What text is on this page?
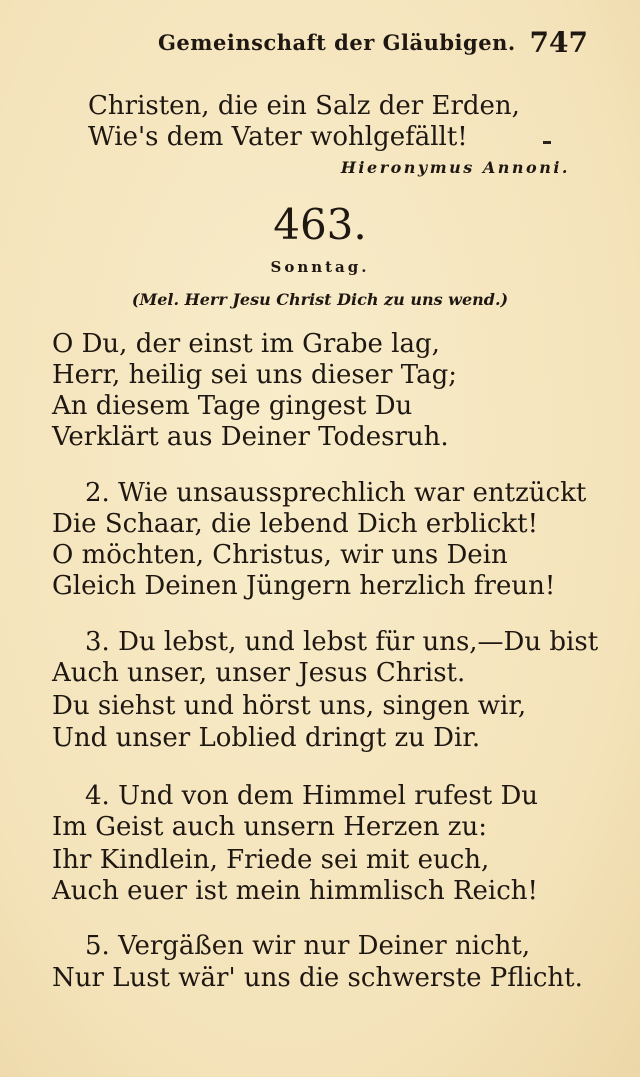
Gemeinschaft der Gläubigen. 747
Christen, die ein Salz der Erden,
Wie's dem Vater wohlgefällt!
Hieronymus Annoni.
463.
Sonntag.
(Mel. Herr Jesu Christ Dich zu uns wend.)
O Du, der einst im Grabe lag,
Herr, heilig sei uns dieser Tag;
An diesem Tage gingest Du
Verklärt aus Deiner Todesruh.
2. Wie unsaussprechlich war entzückt
Die Schaar, die lebend Dich erblickt!
O möchten, Christus, wir uns Dein
Gleich Deinen Jüngern herzlich freun!
3. Du lebst, und lebst für uns,—Du bist
Auch unser, unser Jesus Christ.
Du siehst und hörst uns, singen wir,
Und unser Loblied dringt zu Dir.
4. Und von dem Himmel rufest Du
Im Geist auch unsern Herzen zu:
Ihr Kindlein, Friede sei mit euch,
Auch euer ist mein himmlisch Reich!
5. Vergäßen wir nur Deiner nicht,
Nur Lust wär' uns die schwerste Pflicht.
